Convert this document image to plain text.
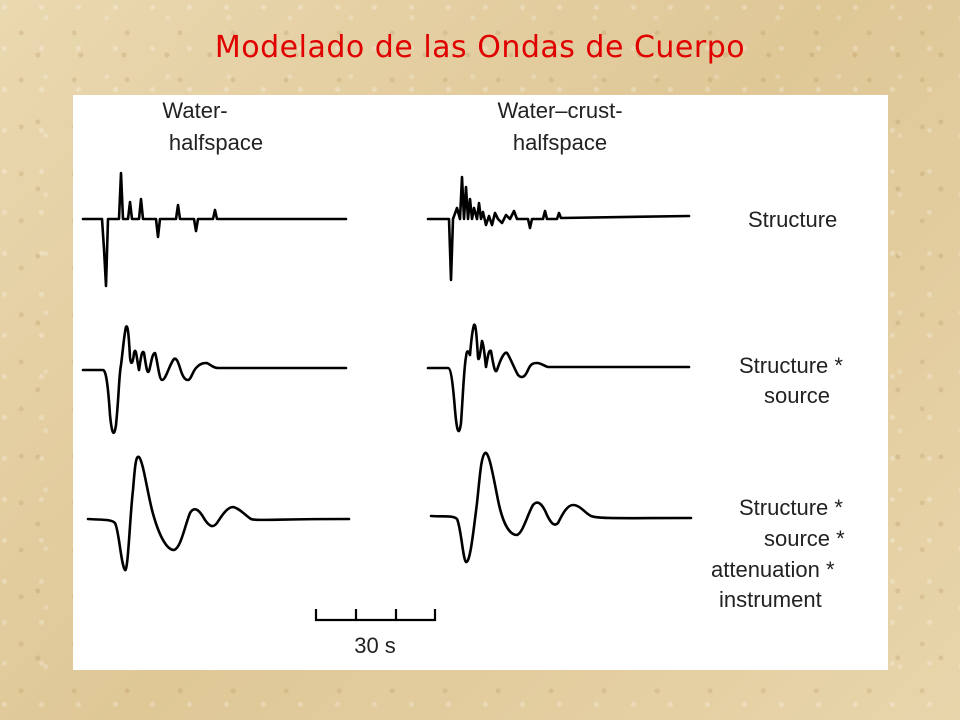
Modelado de las Ondas de Cuerpo
Water-
halfspace
Water–crust-
halfspace
30 s
Structure
Structure *
source
Structure *
source *
attenuation *
instrument
